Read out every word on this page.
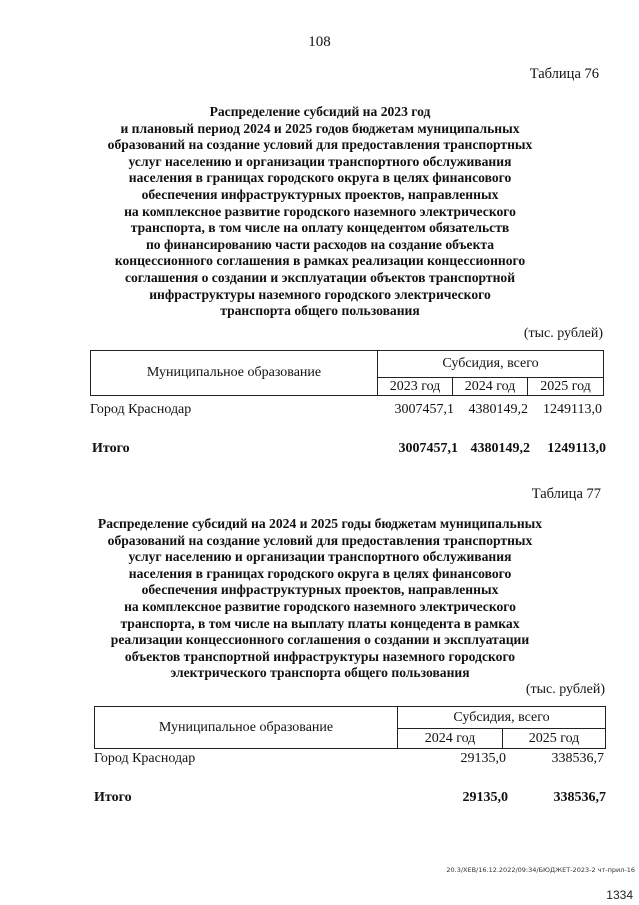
108
Таблица 76
Распределение субсидий на 2023 год
и плановый период 2024 и 2025 годов бюджетам муниципальных
образований на создание условий для предоставления транспортных
услуг населению и организации транспортного обслуживания
населения в границах городского округа в целях финансового
обеспечения инфраструктурных проектов, направленных
на комплексное развитие городского наземного электрического
транспорта, в том числе на оплату концедентом обязательств
по финансированию части расходов на создание объекта
концессионного соглашения в рамках реализации концессионного
соглашения о создании и эксплуатации объектов транспортной
инфраструктуры наземного городского электрического
транспорта общего пользования
(тыс. рублей)
Муниципальное образование	Субсидия, всего		
	2023 год	2024 год	2025 год
Город Краснодар	3007457,1	4380149,2	1249113,0
Итого	3007457,1 4380149,2	1249113,0
Таблица 77
Распределение субсидий на 2024 и 2025 годы бюджетам муниципальных
образований на создание условий для предоставления транспортных
услуг населению и организации транспортного обслуживания
населения в границах городского округа в целях финансового
обеспечения инфраструктурных проектов, направленных
на комплексное развитие городского наземного электрического
транспорта, в том числе на выплату платы концедента в рамках
реализации концессионного соглашения о создании и эксплуатации
объектов транспортной инфраструктуры наземного городского
электрического транспорта общего пользования
(тыс. рублей)
Муниципальное образование	Субсидия, всего	
	2024 год	2025 год
Город Краснодар	29135,0	338536,7
Итого	29135,0	338536,7
20.3/ХЕВ/16.12.2022/09:34/БЮДЖЕТ-2023-2 чт-прил-16
1334
